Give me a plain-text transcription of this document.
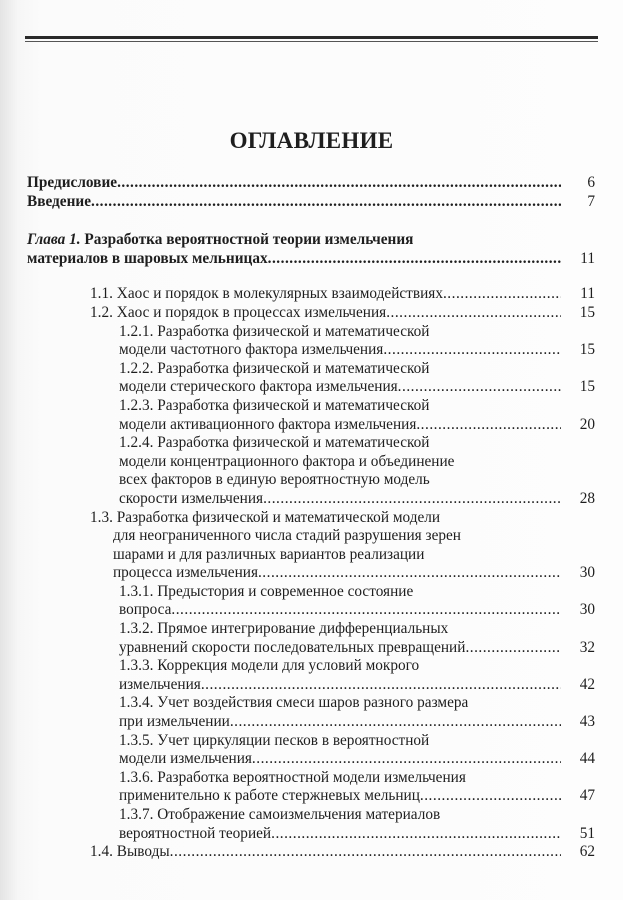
ОГЛАВЛЕНИЕ
Предисловие .....	6
Введение .....	7
Глава 1. Разработка вероятностной теории измельчения
материалов в шаровых мельницах .....	11
1.1. Хаос и порядок в молекулярных взаимодействиях .....	11
1.2. Хаос и порядок в процессах измельчения .....	15
1.2.1. Разработка физической и математической
модели частотного фактора измельчения .....	15
1.2.2. Разработка физической и математической
модели стерического фактора измельчения .....	15
1.2.3. Разработка физической и математической
модели активационного фактора измельчения .....	20
1.2.4. Разработка физической и математической
модели концентрационного фактора и объединение
всех факторов в единую вероятностную модель
скорости измельчения .....	28
1.3. Разработка физической и математической модели
для неограниченного числа стадий разрушения зерен
шарами и для различных вариантов реализации
процесса измельчения .....	30
1.3.1. Предыстория и современное состояние
вопроса .....	30
1.3.2. Прямое интегрирование дифференциальных
уравнений скорости последовательных превращений .....	32
1.3.3. Коррекция модели для условий мокрого
измельчения .....	42
1.3.4. Учет воздействия смеси шаров разного размера
при измельчении .....	43
1.3.5. Учет циркуляции песков в вероятностной
модели измельчения .....	44
1.3.6. Разработка вероятностной модели измельчения
применительно к работе стержневых мельниц .....	47
1.3.7. Отображение самоизмельчения материалов
вероятностной теорией .....	51
1.4. Выводы .....	62
